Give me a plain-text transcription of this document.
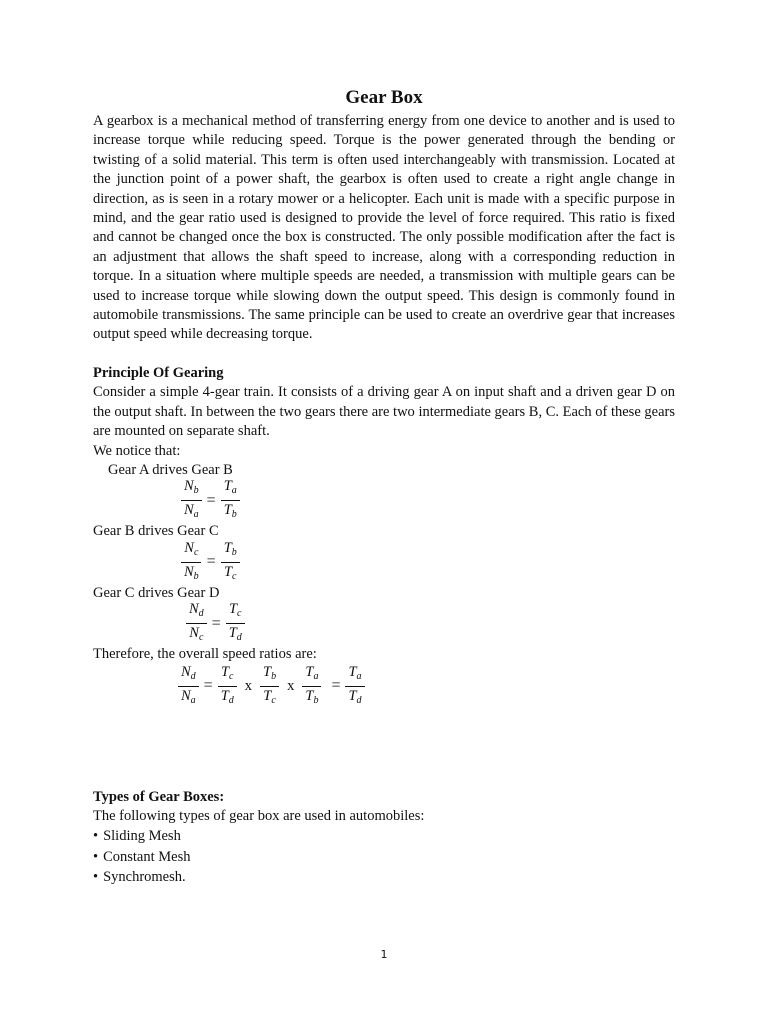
Gear Box

A gearbox is a mechanical method of transferring energy from one device to another and is used to increase torque while reducing speed. Torque is the power generated through the bending or twisting of a solid material. This term is often used interchangeably with transmission. Located at the junction point of a power shaft, the gearbox is often used to create a right angle change in direction, as is seen in a rotary mower or a helicopter. Each unit is made with a specific purpose in mind, and the gear ratio used is designed to provide the level of force required. This ratio is fixed and cannot be changed once the box is constructed. The only possible modification after the fact is an adjustment that allows the shaft speed to increase, along with a corresponding reduction in torque. In a situation where multiple speeds are needed, a transmission with multiple gears can be used to increase torque while slowing down the output speed. This design is commonly found in automobile transmissions. The same principle can be used to create an overdrive gear that increases output speed while decreasing torque.

Principle Of Gearing

Consider a simple 4-gear train. It consists of a driving gear A on input shaft and a driven gear D on the output shaft. In between the two gears there are two intermediate gears B, C. Each of these gears are mounted on separate shaft.

We notice that:

Gear A drives Gear B

$\frac{N_b}{N_a} = \frac{T_a}{T_b}$

Gear B drives Gear C

$\frac{N_c}{N_b} = \frac{T_b}{T_c}$

Gear C drives Gear D

$\frac{N_d}{N_c} = \frac{T_c}{T_d}$

Therefore, the overall speed ratios are:

$\frac{N_d}{N_a} = \frac{T_c}{T_d}$ x $\frac{T_b}{T_c}$ x $\frac{T_a}{T_b} = \frac{T_a}{T_d}$
Types of Gear Boxes:

The following types of gear box are used in automobiles:

• Sliding Mesh
• Constant Mesh
• Synchromesh.
1
